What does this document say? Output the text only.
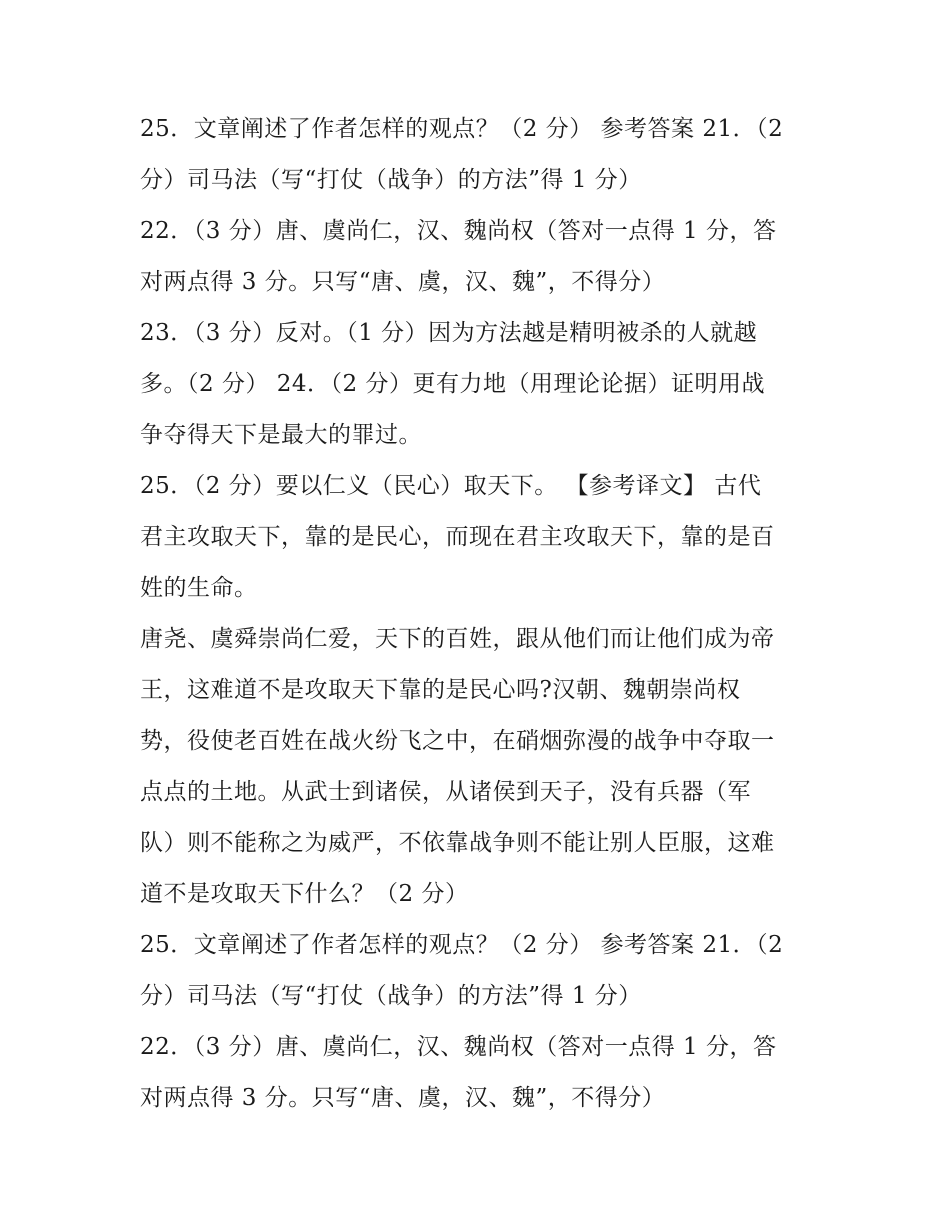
25．文章阐述了作者怎样的观点？（2 分） 参考答案 21．（2

分）司马法（写“打仗（战争）的方法”得 1 分）

22．（3 分）唐、虞尚仁，汉、魏尚权（答对一点得 1 分，答

对两点得 3 分。只写“唐、虞，汉、魏”，不得分）

23．（3 分）反对。（1 分）因为方法越是精明被杀的人就越

多。（2 分） 24．（2 分）更有力地（用理论论据）证明用战

争夺得天下是最大的罪过。

25．（2 分）要以仁义（民心）取天下。 【参考译文】 古代

君主攻取天下，靠的是民心，而现在君主攻取天下，靠的是百

姓的生命。

唐尧、虞舜崇尚仁爱，天下的百姓，跟从他们而让他们成为帝

王，这难道不是攻取天下靠的是民心吗?汉朝、魏朝崇尚权

势，役使老百姓在战火纷飞之中，在硝烟弥漫的战争中夺取一

点点的土地。从武士到诸侯，从诸侯到天子，没有兵器（军

队）则不能称之为威严，不依靠战争则不能让别人臣服，这难

道不是攻取天下什么？（2 分）

25．文章阐述了作者怎样的观点？（2 分） 参考答案 21．（2

分）司马法（写“打仗（战争）的方法”得 1 分）

22．（3 分）唐、虞尚仁，汉、魏尚权（答对一点得 1 分，答

对两点得 3 分。只写“唐、虞，汉、魏”，不得分）
